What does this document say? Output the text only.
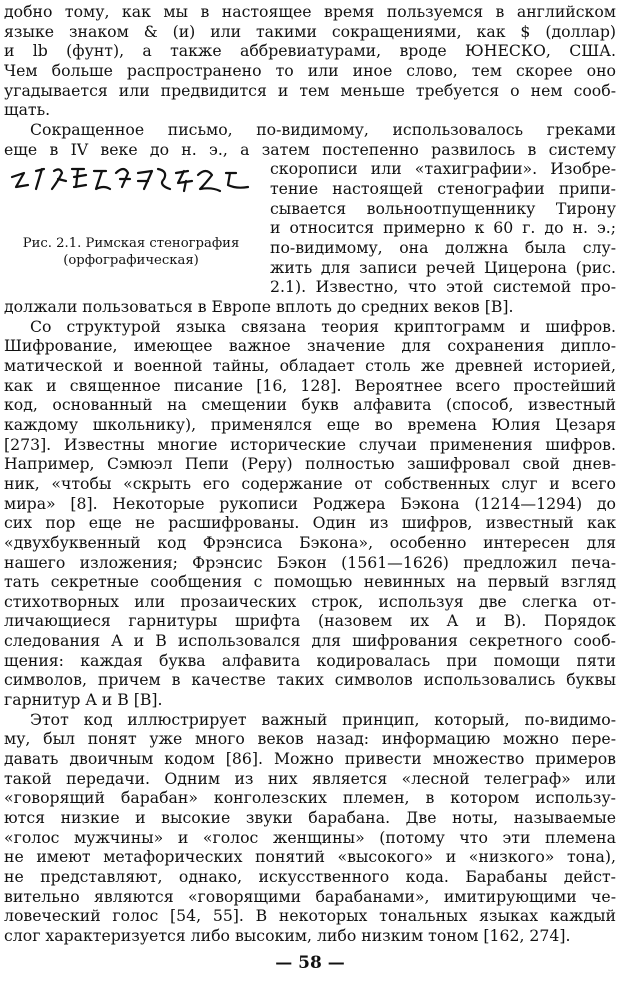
добно тому, как мы в настоящее время пользуемся в английском
языке знаком & (и) или такими сокращениями, как $ (доллар)
и lb (фунт), а также аббревиатурами, вроде ЮНЕСКО, США.
Чем больше распространено то или иное слово, тем скорее оно
угадывается или предвидится и тем меньше требуется о нем сооб-
щать.
Сокращенное письмо, по-видимому, использовалось греками
еще в IV веке до н. э., а затем постепенно развилось в систему
скорописи или «тахиграфии». Изобре-
тение настоящей стенографии припи-
сывается вольноотпущеннику Тирону
и относится примерно к 60 г. до н. э.;
по-видимому, она должна была слу-
жить для записи речей Цицерона (рис.
2.1). Известно, что этой системой про-
должали пользоваться в Европе вплоть до средних веков [B].
Рис. 2.1. Римская стенография
(орфографическая)
Со структурой языка связана теория криптограмм и шифров.
Шифрование, имеющее важное значение для сохранения дипло-
матической и военной тайны, обладает столь же древней историей,
как и священное писание [16, 128]. Вероятнее всего простейший
код, основанный на смещении букв алфавита (способ, известный
каждому школьнику), применялся еще во времена Юлия Цезаря
[273]. Известны многие исторические случаи применения шифров.
Например, Сэмюэл Пепи (Реру) полностью зашифровал свой днев-
ник, «чтобы «скрыть его содержание от собственных слуг и всего
мира» [8]. Некоторые рукописи Роджера Бэкона (1214—1294) до
сих пор еще не расшифрованы. Один из шифров, известный как
«двухбуквенный код Фрэнсиса Бэкона», особенно интересен для
нашего изложения; Фрэнсис Бэкон (1561—1626) предложил печа-
тать секретные сообщения с помощью невинных на первый взгляд
стихотворных или прозаических строк, используя две слегка от-
личающиеся гарнитуры шрифта (назовем их A и B). Порядок
следования A и B использовался для шифрования секретного сооб-
щения: каждая буква алфавита кодировалась при помощи пяти
символов, причем в качестве таких символов использовались буквы
гарнитур A и B [B].
Этот код иллюстрирует важный принцип, который, по-видимо-
му, был понят уже много веков назад: информацию можно пере-
давать двоичным кодом [86]. Можно привести множество примеров
такой передачи. Одним из них является «лесной телеграф» или
«говорящий барабан» конголезских племен, в котором использу-
ются низкие и высокие звуки барабана. Две ноты, называемые
«голос мужчины» и «голос женщины» (потому что эти племена
не имеют метафорических понятий «высокого» и «низкого» тона),
не представляют, однако, искусственного кода. Барабаны дейст-
вительно являются «говорящими барабанами», имитирующими че-
ловеческий голос [54, 55]. В некоторых тональных языках каждый
слог характеризуется либо высоким, либо низким тоном [162, 274].
— 58 —
